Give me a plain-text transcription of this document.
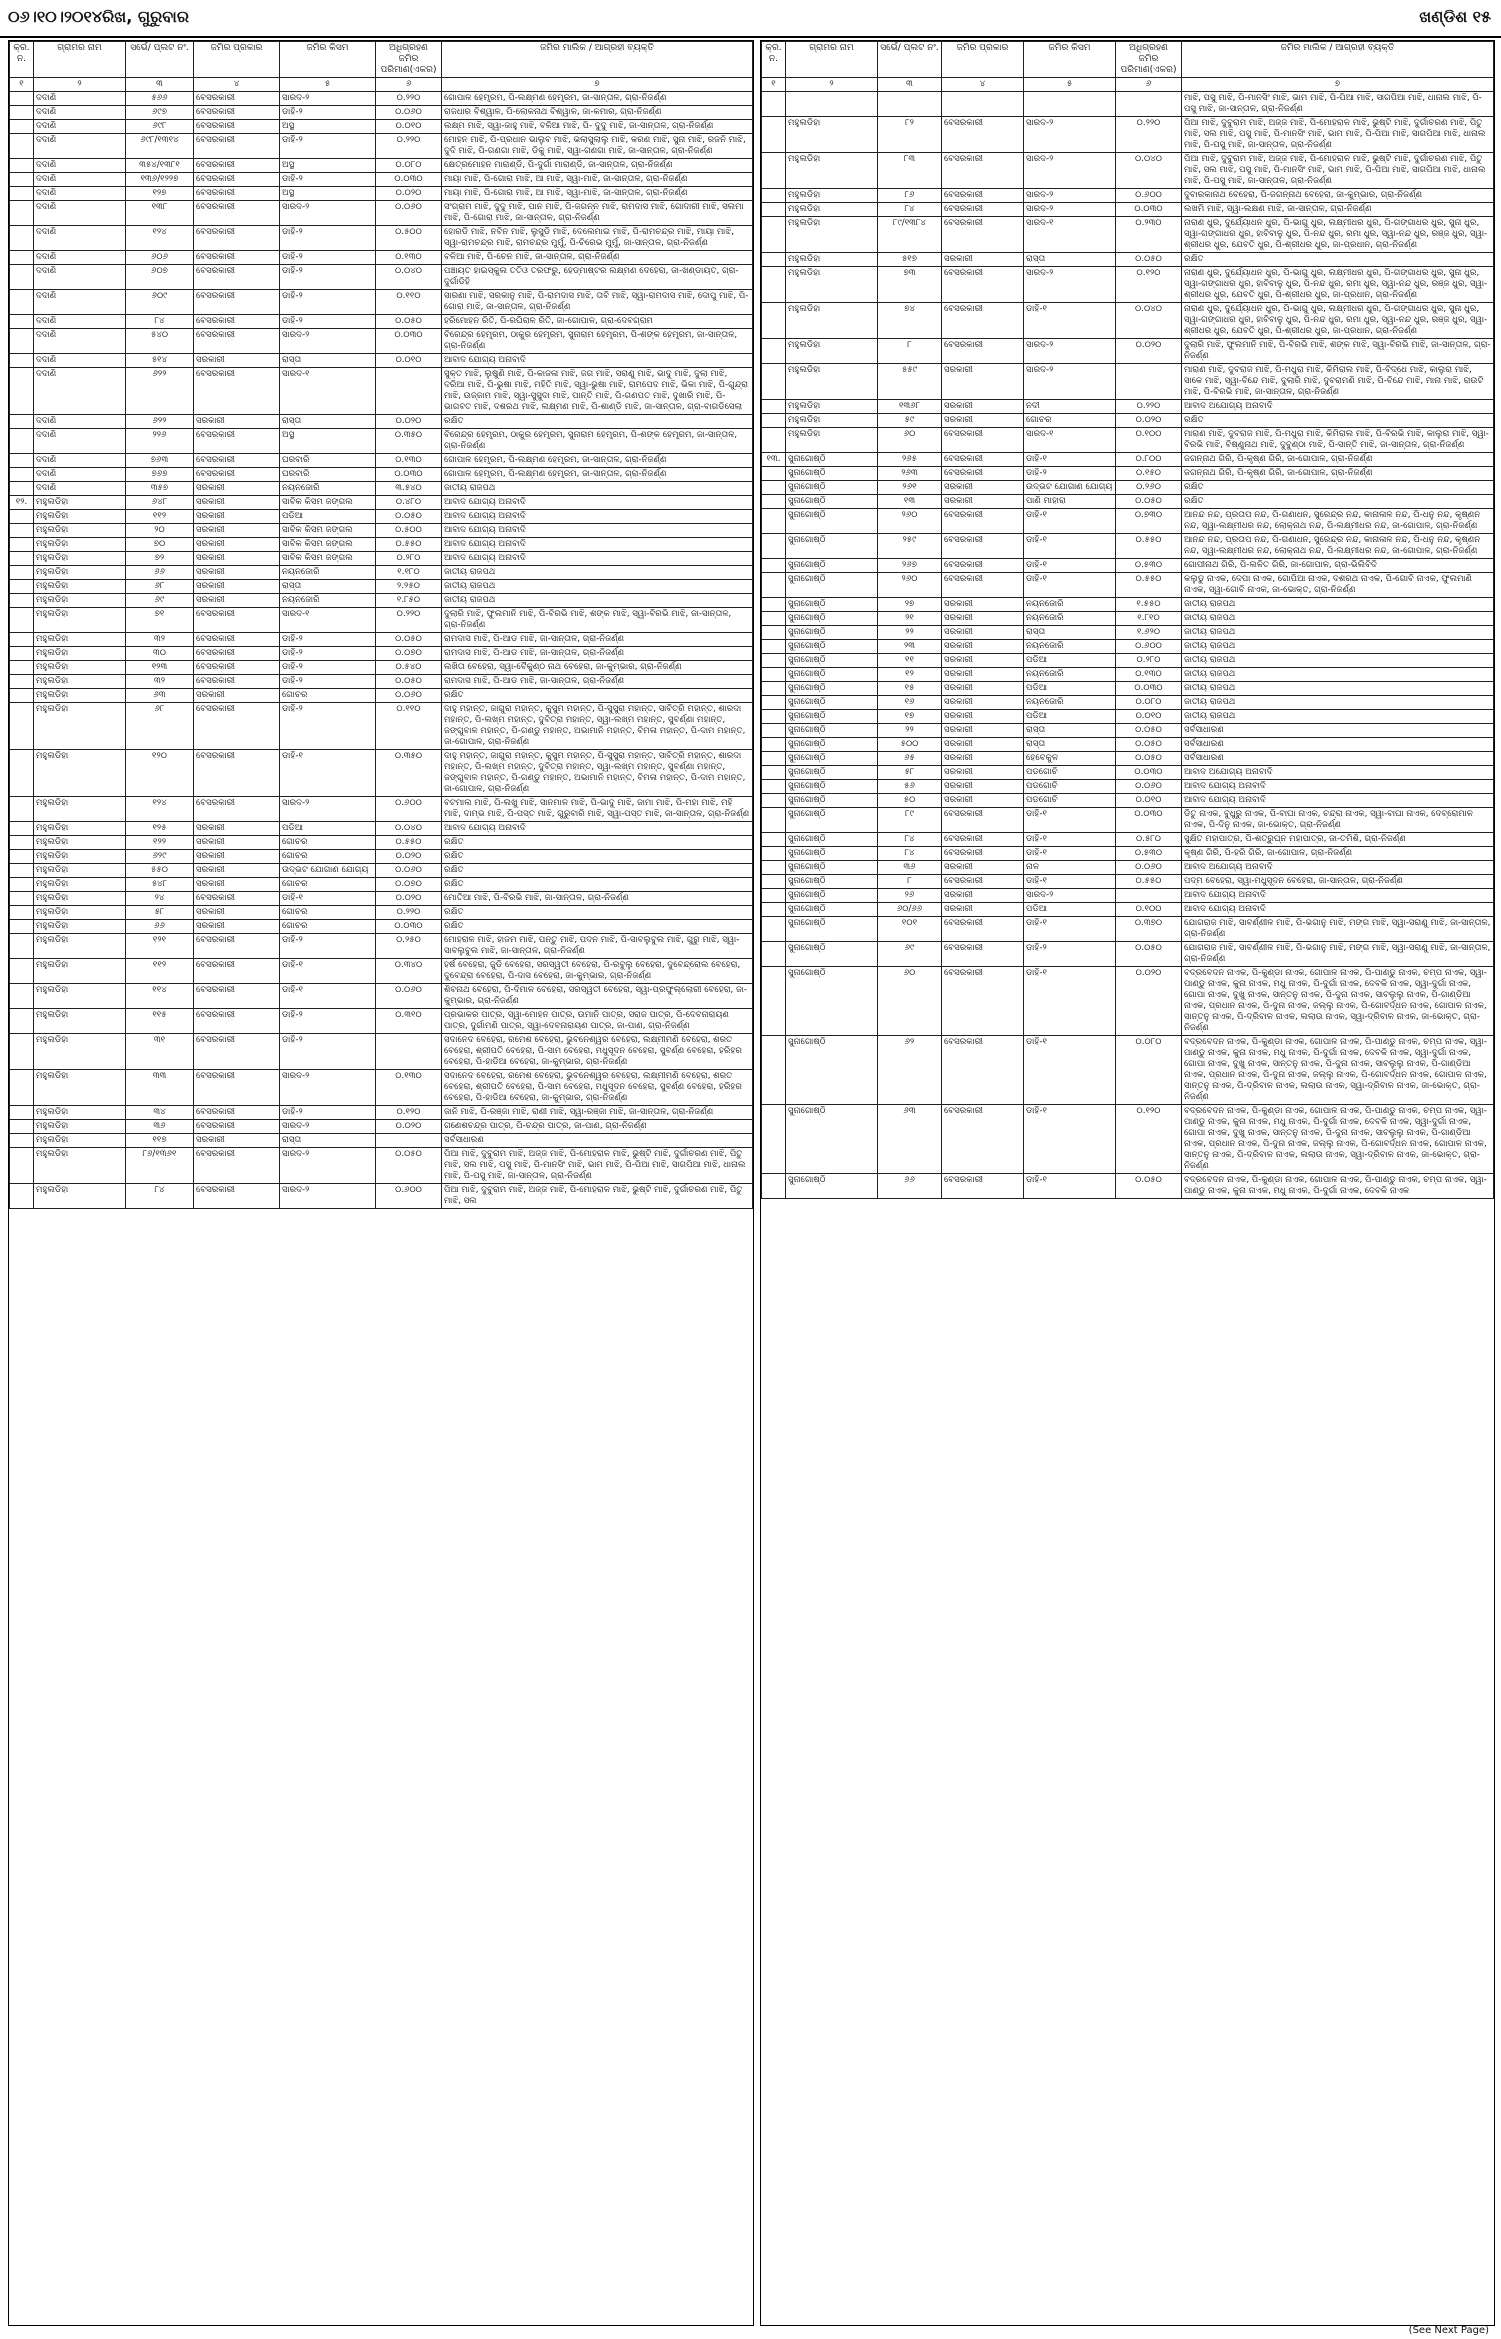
୦୬।୧୦।୨୦୧୪ରିଖ, ଗୁରୁବାର	ଖଣ୍ଡିଶ ୧୫
କ୍ର. ନ.	ଗ୍ରାମର ନାମ	ସର୍ଭେ/ ପ୍ଲଟ ନଂ.	ଜମିର ପ୍ରକାର	ଜମିର କିସମ	ଅଧିଗ୍ରହଣ ଜମିର ପରିମାଣ(ଏକର)	ଜମିର ମାଲିକ / ଆଗ୍ରହୀ ବ୍ୟକ୍ତି
୧	୨	୩	୪	୫	୬	୭
	ଦଦାଣି	୫୬୬	ବେସରକାରୀ	ସାରଦ-୨	୦.୨୨୦	ଗୋପାଳ ହେମ୍ବ୍ରମ, ପି-ଲକ୍ଷ୍ମଣ ହେମ୍ବ୍ରମ, ଜା-ସାନ୍ତାଳ, ଗ୍ରା-ନିଜର୍ଣ୍ଣ
	ଦଦାଣି	୬୯୭	ବେସରକାରୀ	ଡାହି-୨	୦.୦୬୦	ରାଜଧାର ବିଶ୍ୱାଳ, ପି-ଲୋକନାଥ ବିଶ୍ୱାଳ, ଜା-କମାର, ଗ୍ରା-ନିଜର୍ଣ୍ଣ
	ଦଦାଣି	୬୯୮	ବେସରକାରୀ	ଅସ୍ଥ	୦.୦୧୦	ଲକ୍ଷ୍ମ ମାଝି, ସ୍ୱା-ଜାହୁ ମାଝି, ବଳିଆ ମାଝି, ପି- ଦୁଦୁ ମାଝି, ଜା-ସାନ୍ତାଳ, ଗ୍ରା-ନିଜର୍ଣ୍ଣ
	ଦଦାଣି	୬୯୮/୧୩୧୪	ବେସରକାରୀ	ଡାହି-୨	୦.୨୨୦	ମୋହନ ମାଝି, ପି-ପ୍ରଧାନ ଭାଲୁବ ମାଝି, ଭଲାସୁଲାଲୁ ମାଝି, କରଣ ମାଝି, ସୁନା ମାଝି, ରଜନି ମାଝି, ଦୁଦି ମାଝି, ପି-ଗଣଗା ମାଝି, ଡିକୁ ମାଝି, ସ୍ୱା-ଗଣଗା ମାଝି, ଜା-ସାନ୍ତାଳ, ଗ୍ରା-ନିଜର୍ଣ୍ଣ
	ଦଦାଣି	୩୫୪/୧୩୮୧	ବେସରକାରୀ	ଅସ୍ଥ	୦.୦୮୦	କ୍ଷେତ୍ରମୋହନ ମାରାଣ୍ଡି, ପି-ଦୁର୍ଗା ମାରାଣ୍ଡି, ଜା-ସାନ୍ତାଳ, ଗ୍ରା-ନିଜର୍ଣ୍ଣ
	ଦଦାଣି	୧୩୬/୧୨୨୭	ବେସରକାରୀ	ଡାହି-୨	୦.୦୩୦	ମାୟା ମାଝି, ପି-ଗୋରା ମାଝି, ଆ ମାଝି, ସ୍ୱା-ମାଝି, ଜା-ସାନ୍ତାଳ, ଗ୍ରା-ନିଜର୍ଣ୍ଣ
	ଦଦାଣି	୧୨୭	ବେସରକାରୀ	ଅସ୍ଥ	୦.୦୨୦	ମାୟା ମାଝି, ପି-ଗୋରା ମାଝି, ଆ ମାଝି, ସ୍ୱା-ମାଝି, ଜା-ସାନ୍ତାଳ, ଗ୍ରା-ନିଜର୍ଣ୍ଣ
	ଦଦାଣି	୧୩୮	ବେସରକାରୀ	ସାରଦ-୨	୦.୦୬୦	ସଂଗ୍ରାମ ମାଝି, ଦୁଦୁ ମାଝି, ପାନ ମାଝି, ପି-ଜଗନ୍ନ ମାଝି, ରାମଦାସ ମାଝି, ଗୋଦାରୀ ମାଝି, ସଲମା ମାଝି, ପି-ଗୋରା ମାଝି, ଜା-ସାନ୍ତାଳ, ଗ୍ରା-ନିଜର୍ଣ୍ଣ
	ଦଦାଣି	୧୨୪	ବେସରକାରୀ	ଡାହି-୨	୦.୫୦୦	ହୋରଡି ମାଝି, ନବିନ ମାଝି, ଲୁସୁଡି ମାଝି, ଦେଲେମାଇ ମାଝି, ପି-ରାମଚନ୍ଦ୍ର ମାଝି, ମାୟା ମାଝି, ସ୍ୱା-ରାମଚନ୍ଦ୍ର ମାଝି, ରାମଚନ୍ଦ୍ର ମୁର୍ମୁ, ପି-ଚିରେଭ ମୁର୍ମୁ, ଜା-ସାନ୍ତାଳ, ଗ୍ରା-ନିଜର୍ଣ୍ଣ
	ଦଦାଣି	୬୦୬	ବେସରକାରୀ	ଡାହି-୨	୦.୧୩୦	ବଳିଆ ମାଝି, ପି-ଚେନ ମାଝି, ଜା-ସାନ୍ତାଳ, ଗ୍ରା-ନିଜର୍ଣ୍ଣ
	ଦଦାଣି	୬୦୭	ବେସରକାରୀ	ଡାହି-୨	୦.୦୪୦	ପଞ୍ଚାୟତ ହାଇସ୍କୁଲ ତତିଓ ତରଫରୁ, ହେଡ୍ମାଷ୍ଟର ଲକ୍ଷ୍ମଣ ଦେହେରା, ଜା-ଖଣ୍ଡାୟତ, ଗ୍ରା-ଦୁର୍ଗାଡିହି
	ଦଦାଣି	୬୦୯	ବେସରକାରୀ	ଡାହି-୨	୦.୧୧୦	ସାରଣା ମାଝି, ସରକାନୁ ମାଝି, ପି-ରାମଦାସ ମାଝି, ତାବି ମାଝି, ସ୍ୱା-ରାମଦାସ ମାଝି, ଦୋପୁ ମାଝି, ପି-ଗୋରା ମାଝି, ଜା-ସାନ୍ତାଳ, ଗ୍ରା-ନିଜର୍ଣ୍ଣ
	ଦଦାଣି	୮୪	ବେସରକାରୀ	ଡାହି-୨	୦.୦୫୦	ହରିମୋହନ ରିତି, ପି-ରଘିରାଳ ରିତି, ଜା-ଗୋପାଳ, ଗ୍ରା-ଦେବଗ୍ରାମ
	ଦଦାଣି	୫୪୦	ବେସରକାରୀ	ସାରଦ-୨	୦.୦୩୦	ବିରେନ୍ଦ୍ର ହେମ୍ବ୍ରମ, ଠାକୁର ହେମ୍ବ୍ରମ, ସୁନାରାମ ହେମ୍ବ୍ରମ, ପି-ଶଙ୍କ ହେମ୍ବ୍ରମ, ଜା-ସାନ୍ତାଳ, ଗ୍ରା-ନିଜର୍ଣ୍ଣ
	ଦଦାଣି	୫୧୪	ସରକାରୀ	ରାସ୍ତା	୦.୦୧୦	ଆବାଦ ଯୋଗ୍ୟ ଅନାବାଦି
	ଦଦାଣି	୬୨୨	ବେସରକାରୀ	ସାରଦ-୧		ସୁକ୍ତ ମାଝି, ଲୁଷୁଣି ମାଝି, ପି-କାଜଳା ମାଝି, ଜଗ ମାଝି, ସରାଣୁ ମାଝି, ଭାଦୁ ମାଝି, ଦୁଲା ମାଝି, ଦରିଆ ମାଝି, ପି-ଭୁଷା ମାଝି, ମହିତି ମାଝି, ସ୍ୱା-ଭୁଷା ମାଝି, ରାମପେଦ ମାଝି, ଭିକା ମାଝି, ପି-ଗୁନ୍ଦ୍ରା ମାଝି, ଉଜ୍ଜାମ ମାଝି, ସ୍ୱା-ସୁସୁଦା ମାଝି, ପାନ୍ତି ମାଝି, ପି-ଗଣପତ ମାଝି, ଦୁଖାରି ମାଝି, ପି-ଭାଗବତ ମାଝି, ଦଶରଥ ମାଝି, ଲକ୍ଷ୍ମଣ ମାଝି, ପି-ଶାଣ୍ଡି ମାଝି, ଜା-ସାନ୍ତାଳ, ଗ୍ରା-ବାଗଡିସେଲା
	ଦଦାଣି	୬୨୨	ସରକାରୀ	ରାସ୍ତା	୦.୦୨୦	ରକ୍ଷିତ
	ଦଦାଣି	୨୨୬	ବେସରକାରୀ	ଅସ୍ଥ	୦.୩୫୦	ବିରେନ୍ଦ୍ର ହେମ୍ବ୍ରମ, ଠାକୁର ହେମ୍ବ୍ରମ, ସୁନାରାମ ହେମ୍ବ୍ରମ, ପି-ଶଙ୍କ ହେମ୍ବ୍ରମ, ଜା-ସାନ୍ତାଳ, ଗ୍ରା-ନିଜର୍ଣ୍ଣ
	ଦଦାଣି	୭୬୩	ବେସରକାରୀ	ଘରବାରି	୦.୧୩୦	ଗୋପାଳ ହେମ୍ବ୍ରମ, ପି-ଲକ୍ଷ୍ମଣ ହେମ୍ବ୍ରମ, ଜା-ସାନ୍ତାଳ, ଗ୍ରା-ନିଜର୍ଣ୍ଣ
	ଦଦାଣି	୭୬୭	ବେସରକାରୀ	ଘରବାରି	୦.୦୩୦	ଗୋପାଳ ହେମ୍ବ୍ରମ, ପି-ଲକ୍ଷ୍ମଣ ହେମ୍ବ୍ରମ, ଜା-ସାନ୍ତାଳ, ଗ୍ରା-ନିଜର୍ଣ୍ଣ
	ଦଦାଣି	୩୫୭	ସରକାରୀ	ନୟନଜୋରି	୩.୫୪୦	ଜାତୀୟ ରାଜପଥ
୧୨.	ମହୁଲଡିହା	୬୪୮	ସରକାରୀ	ସାବିକ କିସମ ଜଙ୍ଗଲ	୦.୪୮୦	ଆବାଦ ଯୋଗ୍ୟ ଅନାବାଦି
	ମହୁଲଡିହା	୧୧୨	ସରକାରୀ	ପଡିଆ	୦.୦୫୦	ଆବାଦ ଯୋଗ୍ୟ ଅନାବାଦି
	ମହୁଲଡିହା	୨୦	ସରକାରୀ	ସାବିକ କିସମ ଜଙ୍ଗଲ	୦.୫୦୦	ଆବାଦ ଯୋଗ୍ୟ ଅନାବାଦି
	ମହୁଲଡିହା	୭୦	ସରକାରୀ	ସାବିକ କିସମ ଜଙ୍ଗଲ	୦.୫୫୦	ଆବାଦ ଯୋଗ୍ୟ ଅନାବାଦି
	ମହୁଲଡିହା	୭୨	ସରକାରୀ	ସାବିକ କିସମ ଜଙ୍ଗଲ	୦.୨୮୦	ଆବାଦ ଯୋଗ୍ୟ ଅନାବାଦି
	ମହୁଲଡିହା	୬୬	ସରକାରୀ	ନୟନଜୋରି	୧.୧୮୦	ଜାତୀୟ ରାଜପଥ
	ମହୁଲଡିହା	୬୮	ସରକାରୀ	ରାସ୍ତା	୨.୨୫୦	ଜାତୀୟ ରାଜପଥ
	ମହୁଲଡିହା	୬୯	ସରକାରୀ	ନୟନଜୋରି	୧.୮୫୦	ଜାତୀୟ ରାଜପଥ
	ମହୁଲଡିହା	୭୧	ବେସରକାରୀ	ସାରଦ-୧	୦.୨୨୦	ଦୁଲାରି ମାଝି, ଫୁଲମାନି ମାଝି, ପି-ବିରଭି ମାଝି, ଶଙ୍କ ମାଝି, ସ୍ୱା-ବିରଭି ମାଝି, ଜା-ସାନ୍ତାଳ, ଗ୍ରା-ନିଜର୍ଣ୍ଣ
	ମହୁଲଡିହା	୩୨	ବେସରକାରୀ	ଡାହି-୨	୦.୦୫୦	ରାମଦାସ ମାଝି, ପି-ଆଡ ମାଝି, ଜା-ସାନ୍ତାଳ, ଗ୍ରା-ନିଜର୍ଣ୍ଣ
	ମହୁଲଡିହା	୩୦	ବେସରକାରୀ	ଡାହି-୨	୦.୦୭୦	ରାମଦାସ ମାଝି, ପି-ଆଡ ମାଝି, ଜା-ସାନ୍ତାଳ, ଗ୍ରା-ନିଜର୍ଣ୍ଣ
	ମହୁଲଡିହା	୧୨୩	ବେସରକାରୀ	ଡାହି-୨	୦.୫୪୦	ଲଖିତା ବେହେରା, ସ୍ୱା-ବୈକୁଣ୍ଠ ନାଥ ବେହେରା, ଜା-କୁମ୍ଭାର, ଗ୍ରା-ନିଜର୍ଣ୍ଣ
	ମହୁଲଡିହା	୩୨	ବେସରକାରୀ	ଡାହି-୨	୦.୦୫୦	ରାମଦାସ ମାଝି, ପି-ଆଡ ମାଝି, ଜା-ସାନ୍ତାଳ, ଗ୍ରା-ନିଜର୍ଣ୍ଣ
	ମହୁଲଡିହା	୬୩	ସରକାରୀ	ଗୋଚର	୦.୦୬୦	ରକ୍ଷିତ
	ମହୁଲଡିହା	୬୮	ବେସରକାରୀ	ଡାହି-୨	୦.୧୧୦	ଦାହୁ ମହାନ୍ତ, ଜାଗୁରା ମହାନ୍ତ, କୁସୁମ ମହାନ୍ତ, ପି-ସୁସୁରା ମହାନ୍ତ, ସାବିତ୍ରି ମହାନ୍ତ, ଶାରଦା ମହାନ୍ତ, ପି-ଲଖ୍ମ ମହାନ୍ତ, ଦୁବିତ୍ରା ମହାନ୍ତ, ସ୍ୱା-ଲଖ୍ମ ମହାନ୍ତ, ସୁବର୍ଣ୍ଣା ମହାନ୍ତ, ଜଙ୍ଗୁବାଳ ମହାନ୍ତ, ପି-ଗଣ୍ଡୁ ମହାନ୍ତ, ଅଭାମାନି ମହାନ୍ତ, ବିମଳା ମହାନ୍ତ, ପି-ଦାମ ମହାନ୍ତ, ଜା-ଗୋପାଳ, ଗ୍ରା-ନିଜର୍ଣ୍ଣ
	ମହୁଲଡିହା	୧୨୦	ବେସରକାରୀ	ଡାହି-୧	୦.୩୫୦	ଦାହୁ ମହାନ୍ତ, ଜାଗୁରା ମହାନ୍ତ, କୁସୁମ ମହାନ୍ତ, ପି-ସୁସୁରା ମହାନ୍ତ, ସାବିତ୍ରି ମହାନ୍ତ, ଶାରଦା ମହାନ୍ତ, ପି-ଲଖ୍ମ ମହାନ୍ତ, ଦୁବିତ୍ରା ମହାନ୍ତ, ସ୍ୱା-ଲଖ୍ମ ମହାନ୍ତ, ସୁବର୍ଣ୍ଣା ମହାନ୍ତ, ଜଙ୍ଗୁବାଳ ମହାନ୍ତ, ପି-ଗଣ୍ଡୁ ମହାନ୍ତ, ଅଭାମାନି ମହାନ୍ତ, ବିମଳା ମହାନ୍ତ, ପି-ଦାମ ମହାନ୍ତ, ଜା-ଗୋପାଳ, ଗ୍ରା-ନିଜର୍ଣ୍ଣ
	ମହୁଲଡିହା	୧୨୪	ବେସରକାରୀ	ସାରଦ-୨	୦.୬୦୦	ବଟମାଲ ମାଝି, ପି-ଲଖୁ ମାଝି, ସାନମାଳ ମାଝି, ପି-ଭାଦୁ ମାଝି, ଜାମା ମାଝି, ପି-ମହା ମାଝି, ମହି ମାଝି, ଦାମ୍ଭ ମାଝି, ପି-ପସ୍ତ ମାଝି, ଗୁରୁବାରି ମାଝି, ସ୍ୱା-ପସ୍ତ ମାଝି, ଜା-ସାନ୍ତାଳ, ଗ୍ରା-ନିଜର୍ଣ୍ଣ
	ମହୁଲଡିହା	୧୨୫	ସରକାରୀ	ପଡିଆ	୦.୦୪୦	ଆବାଦ ଯୋଗ୍ୟ ଅନାବାଦି
	ମହୁଲଡିହା	୧୨୨	ସରକାରୀ	ଗୋଚର	୦.୫୫୦	ରକ୍ଷିତ
	ମହୁଲଡିହା	୬୨୯	ସରକାରୀ	ଗୋଚର	୦.୦୨୦	ରକ୍ଷିତ
	ମହୁଲଡିହା	୫୫୦	ସରକାରୀ	ଉଦ୍ଭଟ ଯୋଗାଣ ଯୋଗ୍ୟ	୦.୦୬୦	ରକ୍ଷିତ
	ମହୁଲଡିହା	୫୪୮	ସରକାରୀ	ଗୋଚର	୦.୦୭୦	ରକ୍ଷିତ
	ମହୁଲଡିହା	୨୪	ବେସରକାରୀ	ଡାହି-୧	୦.୦୨୦	ମୋତିଆ ମାଝି, ପି-ବିରଭି ମାଝି, ଜା-ସାନ୍ତାଳ, ଗ୍ରା-ନିଜର୍ଣ୍ଣ
	ମହୁଲଡିହା	୫୮	ସରକାରୀ	ଗୋଚର	୦.୨୨୦	ରକ୍ଷିତ
	ମହୁଲଡିହା	୬୬	ସରକାରୀ	ଗୋଚର	୦.୦୩୦	ରକ୍ଷିତ
	ମହୁଲଡିହା	୧୨୧	ବେସରକାରୀ	ଡାହି-୨	୦.୨୫୦	ମୋହରାଳ ମାଝି, ହାଜମ ମାଝି, ପନ୍ତୁ ମାଝି, ପଦନ ମାଝି, ପି-ସାବଲୁବୁଲ ମାଝି, ଗୁରୁ ମାଝି, ସ୍ୱା-ସାବଲୁବୁଲ ମାଝି, ଜା-ସାନ୍ତାଳ, ଗ୍ରା-ନିଜର୍ଣ୍ଣ
	ମହୁଲଡିହା	୧୧୨	ବେସରକାରୀ	ଡାହି-୧	୦.୩୪୦	ହର୍ଷ ବେହେରା, ଜୁଡି ବେହେରା, ସରସ୍ୱତୀ ବେହେରା, ପି-ରବୁଲୁ ବେହେରା, ଦୁବେନ୍ଦ୍ରୋଲ ବେହେରା, ଦୁବେନ୍ଦ୍ରା ବେହେରା, ପି-ଦାସ ବେହେରା, ଜା-କୁମ୍ଭାର, ଗ୍ରା-ନିଜର୍ଣ୍ଣ
	ମହୁଲଡିହା	୧୧୪	ବେସରକାରୀ	ଡାହି-୧	୦.୦୬୦	ଶିବନାଥ ବେହେରା, ପି-ଦିମାଳ ବେହେରା, ସରସ୍ୱତୀ ବେହେରା, ସ୍ୱା-ପ୍ରଫୁଲ୍ଲୋରୀ ବେହେରା, ଜା-କୁମ୍ଭାର, ଗ୍ରା-ନିଜର୍ଣ୍ଣ
	ମହୁଲଡିହା	୧୧୫	ବେସରକାରୀ	ଡାହି-୨	୦.୩୧୦	ପ୍ରଭାକର ପାତ୍ର, ସ୍ୱା-ମୋହନ ପାତ୍ର, ଉମାନି ପାତ୍ର, ସରାଜ ପାତ୍ର, ପି-ଦେବନାରାୟଣ ପାତ୍ର, ଦୁର୍ଗାମଣି ପାତ୍ର, ସ୍ୱା-ଦେବନାରାୟଣ ପାତ୍ର, ଜା-ପାଣ, ଗ୍ରା-ନିଜର୍ଣ୍ଣ
	ମହୁଲଡିହା	୩୧	ବେସରକାରୀ	ଡାହି-୨		ସଦାନେଦ ବେହେରା, ରମେଶ ବେହେରା, ଭୁବନେଶ୍ୱର ବେହେରା, ଲକ୍ଷ୍ମୀମଣି ବେହେରା, ଶରତ ବେହେରା, ଶ୍ରୀପତି ବେହେରା, ପି-ସାମ ବେହେରା, ମଧୁସୂଦନ ବେହେରା, ସୁବର୍ଣ୍ଣ ବେହେରା, ହରିହର ବେହେରା, ପି-ହାଡିଆ ବେହେରା, ଜା-କୁମ୍ଭାର, ଗ୍ରା-ନିଜର୍ଣ୍ଣ
	ମହୁଲଡିହା	୩୩	ବେସରକାରୀ	ସାରଦ-୨	୦.୧୩୦	ସଦାନେଦ ବେହେରା, ରମେଶ ବେହେରା, ଭୁବନେଶ୍ୱର ବେହେରା, ଲକ୍ଷ୍ମୀମଣି ବେହେରା, ଶରତ ବେହେରା, ଶ୍ରୀପତି ବେହେରା, ପି-ସାମ ବେହେରା, ମଧୁସୂଦନ ବେହେରା, ସୁବର୍ଣ୍ଣ ବେହେରା, ହରିହର ବେହେରା, ପି-ହାଡିଆ ବେହେରା, ଜା-କୁମ୍ଭାର, ଗ୍ରା-ନିଜର୍ଣ୍ଣ
	ମହୁଲଡିହା	୩୪	ବେସରକାରୀ	ଡାହି-୨	୦.୧୨୦	ଜାନି ମାଝି, ପି-ରଞ୍ଜା ମାଝି, ରାଣୀ ମାଝି, ସ୍ୱା-ରଞ୍ଜା ମାଝି, ଜା-ସାନ୍ତାଳ, ଗ୍ରା-ନିଜର୍ଣ୍ଣ
	ମହୁଲଡିହା	୩୬	ବେସରକାରୀ	ସାରଦ-୨	୦.୦୨୦	ଗଣେଶଚନ୍ଦ୍ର ପାତ୍ର, ପି-ଚନ୍ଦ୍ର ପାତ୍ର, ଜା-ପାଣ, ଗ୍ରା-ନିଜର୍ଣ୍ଣ
	ମହୁଲଡିହା	୧୧୭	ସରକାରୀ	ରାସ୍ତା		ସର୍ବସାଧାରଣ
	ମହୁଲଡିହା	୮୬/୧୩୬୧	ବେସରକାରୀ	ସାରଦ-୨	୦.୦୫୦	ପିଆ ମାଝି, ଦୁବୁରାମ ମାଝି, ଅଜ୍ଜ ମାଝି, ପି-ମୋହରାଳ ମାଝି, ଭୁଷ୍ଟି ମାଝି, ଦୁର୍ଗାଚରଣ ମାଝି, ପିତୁ ମାଝି, ସଲ ମାଝି, ପସୁ ମାଝି, ପି-ମାନସିଂ ମାଝି, ଭାମ ମାଝି, ପି-ପିଆ ମାଝି, ସାଗପିଆ ମାଝି, ଧାନାଲ ମାଝି, ପି-ପସୁ ମାଝି, ଜା-ସାନ୍ତାଳ, ଗ୍ରା-ନିଜର୍ଣ୍ଣ
	ମହୁଲଡିହା	୮୪	ବେସରକାରୀ	ସାରଦ-୨	୦.୬୦୦	ପିଆ ମାଝି, ଦୁବୁରାମ ମାଝି, ଅଜ୍ଜ ମାଝି, ପି-ମୋହରାଳ ମାଝି, ଭୁଷ୍ଟି ମାଝି, ଦୁର୍ଗାଚରଣ ମାଝି, ପିତୁ ମାଝି, ସଲ
କ୍ର. ନ.	ଗ୍ରାମର ନାମ	ସର୍ଭେ/ ପ୍ଲଟ ନଂ.	ଜମିର ପ୍ରକାର	ଜମିର କିସମ	ଅଧିଗ୍ରହଣ ଜମିର ପରିମାଣ(ଏକର)	ଜମିର ମାଲିକ / ଆଗ୍ରହୀ ବ୍ୟକ୍ତି
୧	୨	୩	୪	୫	୬	୭
						ମାଝି, ପସୁ ମାଝି, ପି-ମାନସିଂ ମାଝି, ଭାମ ମାଝି, ପି-ପିଆ ମାଝି, ସାଗପିଆ ମାଝି, ଧାନାଲ ମାଝି, ପି-ପସୁ ମାଝି, ଜା-ସାନ୍ତାଳ, ଗ୍ରା-ନିଜର୍ଣ୍ଣ
	ମହୁଲଡିହା	୮୨	ବେସରକାରୀ	ସାରଦ-୨	୦.୨୨୦	ପିଆ ମାଝି, ଦୁବୁରାମ ମାଝି, ଅଜ୍ଜ ମାଝି, ପି-ମୋହରାଳ ମାଝି, ଭୁଷ୍ଟି ମାଝି, ଦୁର୍ଗାଚରଣ ମାଝି, ପିତୁ ମାଝି, ସଲ ମାଝି, ପସୁ ମାଝି, ପି-ମାନସିଂ ମାଝି, ଭାମ ମାଝି, ପି-ପିଆ ମାଝି, ସାଗପିଆ ମାଝି, ଧାନାଲ ମାଝି, ପି-ପସୁ ମାଝି, ଜା-ସାନ୍ତାଳ, ଗ୍ରା-ନିଜର୍ଣ୍ଣ
	ମହୁଲଡିହା	୮୩	ବେସରକାରୀ	ସାରଦ-୨	୦.୦୪୦	ପିଆ ମାଝି, ଦୁବୁରାମ ମାଝି, ଅଜ୍ଜ ମାଝି, ପି-ମୋହରାଳ ମାଝି, ଭୁଷ୍ଟି ମାଝି, ଦୁର୍ଗାଚରଣ ମାଝି, ପିତୁ ମାଝି, ସଲ ମାଝି, ପସୁ ମାଝି, ପି-ମାନସିଂ ମାଝି, ଭାମ ମାଝି, ପି-ପିଆ ମାଝି, ସାଗପିଆ ମାଝି, ଧାନାଲ ମାଝି, ପି-ପସୁ ମାଝି, ଜା-ସାନ୍ତାଳ, ଗ୍ରା-ନିଜର୍ଣ୍ଣ
	ମହୁଲଡିହା	୮୬	ବେସରକାରୀ	ସାରଦ-୨	୦.୬୦୦	ଦୁବାରକାନାଥ ବେହେରା, ପି-ଜଗନ୍ନାଥ ବେହେରା, ଜା-କୁମ୍ଭାର, ଗ୍ରା-ନିଜର୍ଣ୍ଣ
	ମହୁଲଡିହା	୮୪	ବେସରକାରୀ	ସାରଦ-୨	୦.୦୩୦	ଲଖମି ମାଝି, ସ୍ୱା-ଲକ୍ଷଣ ମାଝି, ଜା-ସାନ୍ତାଳ, ଗ୍ରା-ନିଜର୍ଣ୍ଣ
	ମହୁଲଡିହା	୮୯/୧୩୮୪	ବେସରକାରୀ	ସାରଦ-୧	୦.୨୩୦	ନାରାଣ ଧୁର, ଦୁର୍ଯ୍ୟୋଧନ ଧୁର, ପି-ଭାଗୁ ଧୁର, ଲକ୍ଷ୍ମୀଧର ଧୁର, ପି-ଗଙ୍ଗାଧର ଧୁର, ସୁନା ଧୁର, ସ୍ୱା-ଗଙ୍ଗାଧର ଧୁର, ହାବିବାଳୁ ଧୁର, ପି-ନନ୍ଦ ଧୁର, ରମା ଧୁର, ସ୍ୱା-ନନ୍ଦ ଧୁର, ରଞ୍ଜ ଧୁର, ସ୍ୱା-ଶ୍ରୀଧର ଧୁର, ଯେବତି ଧୁର, ପି-ଶ୍ରୀଧର ଧୁର, ଜା-ପ୍ରଧାନ, ଗ୍ରା-ନିଜର୍ଣ୍ଣ
	ମହୁଲଡିହା	୫୧୭	ସରକାରୀ	ରାସ୍ତା	୦.୦୫୦	ରକ୍ଷିତ
	ମହୁଲଡିହା	୭୩	ବେସରକାରୀ	ସାରଦ-୨	୦.୧୨୦	ନାରାଣ ଧୁର, ଦୁର୍ଯ୍ୟୋଧନ ଧୁର, ପି-ଭାଗୁ ଧୁର, ଲକ୍ଷ୍ମୀଧର ଧୁର, ପି-ଗଙ୍ଗାଧର ଧୁର, ସୁନା ଧୁର, ସ୍ୱା-ଗଙ୍ଗାଧର ଧୁର, ହାବିବାଳୁ ଧୁର, ପି-ନନ୍ଦ ଧୁର, ରମା ଧୁର, ସ୍ୱା-ନନ୍ଦ ଧୁର, ରଞ୍ଜ ଧୁର, ସ୍ୱା-ଶ୍ରୀଧର ଧୁର, ଯେବତି ଧୁର, ପି-ଶ୍ରୀଧର ଧୁର, ଜା-ପ୍ରଧାନ, ଗ୍ରା-ନିଜର୍ଣ୍ଣ
	ମହୁଲଡିହା	୭୪	ବେସରକାରୀ	ଡାହି-୧	୦.୦୪୦	ନାରାଣ ଧୁର, ଦୁର୍ଯ୍ୟୋଧନ ଧୁର, ପି-ଭାଗୁ ଧୁର, ଲକ୍ଷ୍ମୀଧର ଧୁର, ପି-ଗଙ୍ଗାଧର ଧୁର, ସୁନା ଧୁର, ସ୍ୱା-ଗଙ୍ଗାଧର ଧୁର, ହାବିବାଳୁ ଧୁର, ପି-ନନ୍ଦ ଧୁର, ରମା ଧୁର, ସ୍ୱା-ନନ୍ଦ ଧୁର, ରଞ୍ଜ ଧୁର, ସ୍ୱା-ଶ୍ରୀଧର ଧୁର, ଯେବତି ଧୁର, ପି-ଶ୍ରୀଧର ଧୁର, ଜା-ପ୍ରଧାନ, ଗ୍ରା-ନିଜର୍ଣ୍ଣ
	ମହୁଲଡିହା	୮	ବେସରକାରୀ	ସାରଦ-୨	୦.୦୨୦	ଦୁଲାରି ମାଝି, ଫୁଲମାନି ମାଝି, ପି-ବିରଭି ମାଝି, ଶଙ୍କ ମାଝି, ସ୍ୱା-ବିରଭି ମାଝି, ଜା-ସାନ୍ତାଳ, ଗ୍ରା-ନିଜର୍ଣ୍ଣ
	ମହୁଲଡିହା	୫୫୯	ସରକାରୀ	ସାରଦ-୨		ମାରାଣ ମାଝି, ଦୁବରାଜ ମାଝି, ପି-ମଧୁରା ମାଝି, କିମିରାଲ ମାଝି, ପି-ବିଦ୍ଧେ ମାଝି, କାଲୁରା ମାଝି, ସାକେ ମାଝି, ସ୍ୱା-ବିନ୍ଦେ ମାଝି, ଦୁଲାରି ମାଝି, ଦୁବରାମଣି ମାଝି, ପି-ବିନ୍ଦେ ମାଝି, ମାନା ମାଝି, ରାଉଟି ମାଝି, ପି-ବିରଭି ମାଝି, ଜା-ସାନ୍ତାଳ, ଗ୍ରା-ନିଜର୍ଣ୍ଣ
	ମହୁଲଡିହା	୧୩୬୮	ସରକାରୀ	ନଦୀ	୦.୨୨୦	ଆବାଦ ଅଯୋଗ୍ୟ ଅନାବାଦି
	ମହୁଲଡିହା	୫୯	ସରକାରୀ	ଗୋଚର	୦.୦୨୦	ରକ୍ଷିତ
	ମହୁଲଡିହା	୬୦	ବେସରକାରୀ	ସାରଦ-୧	୦.୧୦୦	ମାରାଣ ମାଝି, ଦୁବରାଜ ମାଝି, ପି-ମଧୁରା ମାଝି, କିମିରାଲ ମାଝି, ପି-ବିରଭି ମାଝି, କାଲୁରା ମାଝି, ସ୍ୱା-ବିରଭି ମାଝି, ବିଷ୍ଣୁନାଥ ମାଝି, ଦୁବୁଣ୍ଠା ମାଝି, ପି-ସାନ୍ତି ମାଝି, ଜା-ସାନ୍ତାଳ, ଗ୍ରା-ନିଜର୍ଣ୍ଣ
୧୩.	ସୁନାଗୋଷ୍ଠି	୨୬୫	ବେସରକାରୀ	ଡାହି-୧	୦.୮୦୦	ଜଗନ୍ନାଥ ଗିରି, ପି-କୃଷ୍ଣ ଗିରି, ଜା-ଗୋପାଳ, ଗ୍ରା-ନିଜର୍ଣ୍ଣ
	ସୁନାଗୋଷ୍ଠି	୨୬୩	ବେସରକାରୀ	ଡାହି-୨	୦.୧୫୦	ଜଗନ୍ନାଥ ଗିରି, ପି-କୃଷ୍ଣ ଗିରି, ଜା-ଗୋପାଳ, ଗ୍ରା-ନିଜର୍ଣ୍ଣ
	ସୁନାଗୋଷ୍ଠି	୨୬୧	ସରକାରୀ	ଉଦ୍ଭଟ ଯୋଗାଣ ଯୋଗ୍ୟ	୦.୨୬୦	ରକ୍ଷିତ
	ସୁନାଗୋଷ୍ଠି	୧୩	ସରକାରୀ	ପାଣି ମାହାରା	୦.୦୫୦	ରକ୍ଷିତ
	ସୁନାଗୋଷ୍ଠି	୨୬୦	ବେସରକାରୀ	ଡାହି-୧	୦.୭୩୦	ଆନନ୍ଦ ନନ୍ଦ, ପ୍ରତାପ ନନ୍ଦ, ପି-ଗଣାଧନ, ସୁରେନ୍ଦ୍ର ନନ୍ଦ, କାନାଳାଳ ନନ୍ଦ, ପି-ଧନୁ ନନ୍ଦ, କୃଷ୍ଣନ ନନ୍ଦ, ସ୍ୱା-ଲକ୍ଷ୍ମୀଧର ନନ୍ଦ, ଲୋକ୍ନାଥ ନନ୍ଦ, ପି-ଲକ୍ଷ୍ମୀଧର ନନ୍ଦ, ଜା-ଗୋପାଳ, ଗ୍ରା-ନିଜର୍ଣ୍ଣ
	ସୁନାଗୋଷ୍ଠି	୨୫୯	ବେସରକାରୀ	ଡାହି-୧	୦.୫୫୦	ଆନନ୍ଦ ନନ୍ଦ, ପ୍ରତାପ ନନ୍ଦ, ପି-ଗଣାଧନ, ସୁରେନ୍ଦ୍ର ନନ୍ଦ, କାନାଳାଳ ନନ୍ଦ, ପି-ଧନୁ ନନ୍ଦ, କୃଷ୍ଣନ ନନ୍ଦ, ସ୍ୱା-ଲକ୍ଷ୍ମୀଧର ନନ୍ଦ, ଲୋକ୍ନାଥ ନନ୍ଦ, ପି-ଲକ୍ଷ୍ମୀଧର ନନ୍ଦ, ଜା-ଗୋପାଳ, ଗ୍ରା-ନିଜର୍ଣ୍ଣ
	ସୁନାଗୋଷ୍ଠି	୨୬୭	ବେସରକାରୀ	ଡାହି-୧	୦.୫୩୦	ଗୋପୀନାଥ ଗିରି, ପି-ଲଳିତ ଗିରି, ଜା-ଗୋପାଳ, ଗ୍ରା-ଭିଲିବିଦି
	ସୁନାଗୋଷ୍ଠି	୨୬୦	ବେସରକାରୀ	ଡାହି-୧	୦.୫୫୦	କଲୁଡୁ ନାଏକ, ଦେପା ନାଏକ, ଗୋପିଆ ନାଏକ, ଦଶରଥ ନାଏକ, ପି-ଗୋବି ନାଏକ, ଫୁଲମାଣି ନାଏକ, ସ୍ୱା-ଗୋବି ନାଏକ, ଜା-ଭୋକ୍ତ, ଗ୍ରା-ନିଜର୍ଣ୍ଣ
	ସୁନାଗୋଷ୍ଠି	୨୭	ସରକାରୀ	ନୟନଜୋରି	୧.୫୫୦	ଜାତୀୟ ରାଜପଥ
	ସୁନାଗୋଷ୍ଠି	୨୧	ସରକାରୀ	ନୟନଜୋରି	୧.୮୧୦	ଜାତୀୟ ରାଜପଥ
	ସୁନାଗୋଷ୍ଠି	୨୨	ସରକାରୀ	ରାସ୍ତା	୧.୬୨୦	ଜାତୀୟ ରାଜପଥ
	ସୁନାଗୋଷ୍ଠି	୨୩	ସରକାରୀ	ନୟନଜୋରି	୦.୬୦୦	ଜାତୀୟ ରାଜପଥ
	ସୁନାଗୋଷ୍ଠି	୧୧	ସରକାରୀ	ପଡିଆ	୦.୨୮୦	ଜାତୀୟ ରାଜପଥ
	ସୁନାଗୋଷ୍ଠି	୧୨	ସରକାରୀ	ନୟନଜୋରି	୦.୧୩୦	ଜାତୀୟ ରାଜପଥ
	ସୁନାଗୋଷ୍ଠି	୧୫	ସରକାରୀ	ପଡିଆ	୦.୦୩୦	ଜାତୀୟ ରାଜପଥ
	ସୁନାଗୋଷ୍ଠି	୧୬	ସରକାରୀ	ନୟନଜୋରି	୦.୦୮୦	ଜାତୀୟ ରାଜପଥ
	ସୁନାଗୋଷ୍ଠି	୧୭	ସରକାରୀ	ପଡିଆ	୦.୦୧୦	ଜାତୀୟ ରାଜପଥ
	ସୁନାଗୋଷ୍ଠି	୨୨	ସରକାରୀ	ରାସ୍ତା	୦.୦୫୦	ସର୍ବସାଧାରଣ
	ସୁନାଗୋଷ୍ଠି	୫୦୦	ସରକାରୀ	ରାସ୍ତା	୦.୦୫୦	ସର୍ବସାଧାରଣ
	ସୁନାଗୋଷ୍ଠି	୬୫	ସରକାରୀ	ହେବେକୁଳ	୦.୦୫୦	ସର୍ବସାଧାରଣ
	ସୁନାଗୋଷ୍ଠି	୫୮	ସରକାରୀ	ପଡଗୋଚି	୦.୦୩୦	ଆବାଦ ଅଯୋଗ୍ୟ ଅନାବାଦି
	ସୁନାଗୋଷ୍ଠି	୫୬	ସରକାରୀ	ପଡଗୋଚି	୦.୦୬୦	ଆବାଦ ଯୋଗ୍ୟ ଅନାବାଦି
	ସୁନାଗୋଷ୍ଠି	୫୦	ସରକାରୀ	ପଡଗୋଚି	୦.୦୧୦	ଆବାଦ ଯୋଗ୍ୟ ଅନାବାଦି
	ସୁନାଗୋଷ୍ଠି	୮୯	ବେସରକାରୀ	ଡାହି-୧	୦.୦୩୦	ଡିତୁ ନାଏକ, ବୁଧୁରୁ ନାଏକ, ପି-ବାଘା ନାଏକ, ଚନ୍ଦ୍ରା ନାଏକ, ସ୍ୱା-ବାଘା ନାଏକ, ଦେବ୍ରୋମାଳ ନାଏକ, ପି-ଦିନୁ ନାଏକ, ଜା-ଭୋକ୍ତ, ଗ୍ରା-ନିଜର୍ଣ୍ଣ
	ସୁନାଗୋଷ୍ଠି	୮୪	ବେସରକାରୀ	ଡାହି-୧	୦.୫୮୦	ସୁକ୍ଷିତ ମହାପାତ୍ର, ପି-ଶତ୍ରୁଘ୍ନ ମହାପାତ୍ର, ଜା-ତମିଶି, ଗ୍ରା-ନିଜର୍ଣ୍ଣ
	ସୁନାଗୋଷ୍ଠି	୮୪	ବେସରକାରୀ	ଡାହି-୧	୦.୫୩୦	କୃଷ୍ଣ ଗିରି, ପି-ହରି ଗିରି, ଜା-ଗୋପାଳ, ଗ୍ରା-ନିଜର୍ଣ୍ଣ
	ସୁନାଗୋଷ୍ଠି	୩୬	ସରକାରୀ	ନାଳ	୦.୦୬୦	ଆବାଦ ଅଯୋଗ୍ୟ ଅନାବାଦି
	ସୁନାଗୋଷ୍ଠି	୮	ବେସରକାରୀ	ଡାହି-୧	୦.୫୫୦	ପଦ୍ମ ବେହେରା, ସ୍ୱା-ମଧୁସୂଦନ ବେହେରା, ଜା-ସାନ୍ତାଳ, ଗ୍ରା-ନିଜର୍ଣ୍ଣ
	ସୁନାଗୋଷ୍ଠି	୨୬	ସରକାରୀ	ସାରଦ-୨		ଆବାଦ ଯୋଗ୍ୟ ଅନାବାଦି
	ସୁନାଗୋଷ୍ଠି	୬୦/୬୬	ସରକାରୀ	ପଡିଆ	୦.୧୦୦	ଆବାଦ ଯୋଗ୍ୟ ଅନାବାଦି
	ସୁନାଗୋଷ୍ଠି	୧୦୧	ବେସରକାରୀ	ଡାହି-୧	୦.୩୭୦	ଯୋଗରାଜ ମାଝି, ସାବର୍ଣ୍ଣୀଳ ମାଝି, ପି-ଭଗାନୁ ମାଝି, ମଙ୍ଗ ମାଝି, ସ୍ୱା-ସରାଣୁ ମାଝି, ଜା-ସାନ୍ତାଳ, ଗ୍ରା-ନିଜର୍ଣ୍ଣ
	ସୁନାଗୋଷ୍ଠି	୬୯	ବେସରକାରୀ	ଡାହି-୨	୦.୦୫୦	ଯୋଗରାଜ ମାଝି, ସାବର୍ଣ୍ଣୀଳ ମାଝି, ପି-ଭଗାନୁ ମାଝି, ମଙ୍ଗ ମାଝି, ସ୍ୱା-ସରାଣୁ ମାଝି, ଜା-ସାନ୍ତାଳ, ଗ୍ରା-ନିଜର୍ଣ୍ଣ
	ସୁନାଗୋଷ୍ଠି	୬୦	ବେସରକାରୀ	ଡାହି-୧	୦.୦୨୦	ବଦ୍ରବେଦନ ନାଏକ, ପି-କୁଣ୍ଡା ନାଏକ, ଗୋପାଳ ନାଏକ, ପି-ପାଣ୍ଡୁ ନାଏକ, ଚମ୍ପ ନାଏକ, ସ୍ୱା-ପାଣ୍ଡୁ ନାଏକ, କୁନା ନାଏକ, ମଧୁ ନାଏକ, ପି-ଦୁର୍ଗା ନାଏକ, ଦେବକି ନାଏକ, ସ୍ୱା-ଦୁର୍ଗା ନାଏକ, ଗୋପା ନାଏକ, ଦୁଖୁ ନାଏକ, ସାନ୍ତନୁ ନାଏକ, ପି-ଦୁନା ନାଏକ, ସାବଲୁଲୁ ନାଏକ, ପି-ଗାଣ୍ଡିଆ ନାଏକ, ପ୍ରଧାନ ନାଏକ, ପି-ଦୁନା ନାଏକ, ଜଲ୍ଲୁ ନାଏକ, ପି-ଗୋବର୍ଦ୍ଧନ ନାଏକ, ଗୋପାଳ ନାଏକ, ସାନ୍ତନୁ ନାଏକ, ପି-ଦ୍ରିବାଳ ନାଏକ, ଲଲାଉ ନାଏକ, ସ୍ୱା-ଦ୍ରିବାଳ ନାଏକ, ଜା-ଭୋକ୍ତ, ଗ୍ରା-ନିଜର୍ଣ୍ଣ
	ସୁନାଗୋଷ୍ଠି	୬୨	ବେସରକାରୀ	ଡାହି-୧	୦.୦୮୦	ବଦ୍ରବେଦନ ନାଏକ, ପି-କୁଣ୍ଡା ନାଏକ, ଗୋପାଳ ନାଏକ, ପି-ପାଣ୍ଡୁ ନାଏକ, ଚମ୍ପ ନାଏକ, ସ୍ୱା-ପାଣ୍ଡୁ ନାଏକ, କୁନା ନାଏକ, ମଧୁ ନାଏକ, ପି-ଦୁର୍ଗା ନାଏକ, ଦେବକି ନାଏକ, ସ୍ୱା-ଦୁର୍ଗା ନାଏକ, ଗୋପା ନାଏକ, ଦୁଖୁ ନାଏକ, ସାନ୍ତନୁ ନାଏକ, ପି-ଦୁନା ନାଏକ, ସାବଲୁଲୁ ନାଏକ, ପି-ଗାଣ୍ଡିଆ ନାଏକ, ପ୍ରଧାନ ନାଏକ, ପି-ଦୁନା ନାଏକ, ଜଲ୍ଲୁ ନାଏକ, ପି-ଗୋବର୍ଦ୍ଧନ ନାଏକ, ଗୋପାଳ ନାଏକ, ସାନ୍ତନୁ ନାଏକ, ପି-ଦ୍ରିବାଳ ନାଏକ, ଲଲାଉ ନାଏକ, ସ୍ୱା-ଦ୍ରିବାଳ ନାଏକ, ଜା-ଭୋକ୍ତ, ଗ୍ରା-ନିଜର୍ଣ୍ଣ
	ସୁନାଗୋଷ୍ଠି	୬୩	ବେସରକାରୀ	ଡାହି-୧	୦.୧୨୦	ବଦ୍ରବେଦନ ନାଏକ, ପି-କୁଣ୍ଡା ନାଏକ, ଗୋପାଳ ନାଏକ, ପି-ପାଣ୍ଡୁ ନାଏକ, ଚମ୍ପ ନାଏକ, ସ୍ୱା-ପାଣ୍ଡୁ ନାଏକ, କୁନା ନାଏକ, ମଧୁ ନାଏକ, ପି-ଦୁର୍ଗା ନାଏକ, ଦେବକି ନାଏକ, ସ୍ୱା-ଦୁର୍ଗା ନାଏକ, ଗୋପା ନାଏକ, ଦୁଖୁ ନାଏକ, ସାନ୍ତନୁ ନାଏକ, ପି-ଦୁନା ନାଏକ, ସାବଲୁଲୁ ନାଏକ, ପି-ଗାଣ୍ଡିଆ ନାଏକ, ପ୍ରଧାନ ନାଏକ, ପି-ଦୁନା ନାଏକ, ଜଲ୍ଲୁ ନାଏକ, ପି-ଗୋବର୍ଦ୍ଧନ ନାଏକ, ଗୋପାଳ ନାଏକ, ସାନ୍ତନୁ ନାଏକ, ପି-ଦ୍ରିବାଳ ନାଏକ, ଲଲାଉ ନାଏକ, ସ୍ୱା-ଦ୍ରିବାଳ ନାଏକ, ଜା-ଭୋକ୍ତ, ଗ୍ରା-ନିଜର୍ଣ୍ଣ
	ସୁନାଗୋଷ୍ଠି	୬୬	ବେସରକାରୀ	ଡାହି-୧	୦.୦୫୦	ବଦ୍ରବେଦନ ନାଏକ, ପି-କୁଣ୍ଡା ନାଏକ, ଗୋପାଳ ନାଏକ, ପି-ପାଣ୍ଡୁ ନାଏକ, ଚମ୍ପ ନାଏକ, ସ୍ୱା-ପାଣ୍ଡୁ ନାଏକ, କୁନା ନାଏକ, ମଧୁ ନାଏକ, ପି-ଦୁର୍ଗା ନାଏକ, ଦେବକି ନାଏକ
(See Next Page)
